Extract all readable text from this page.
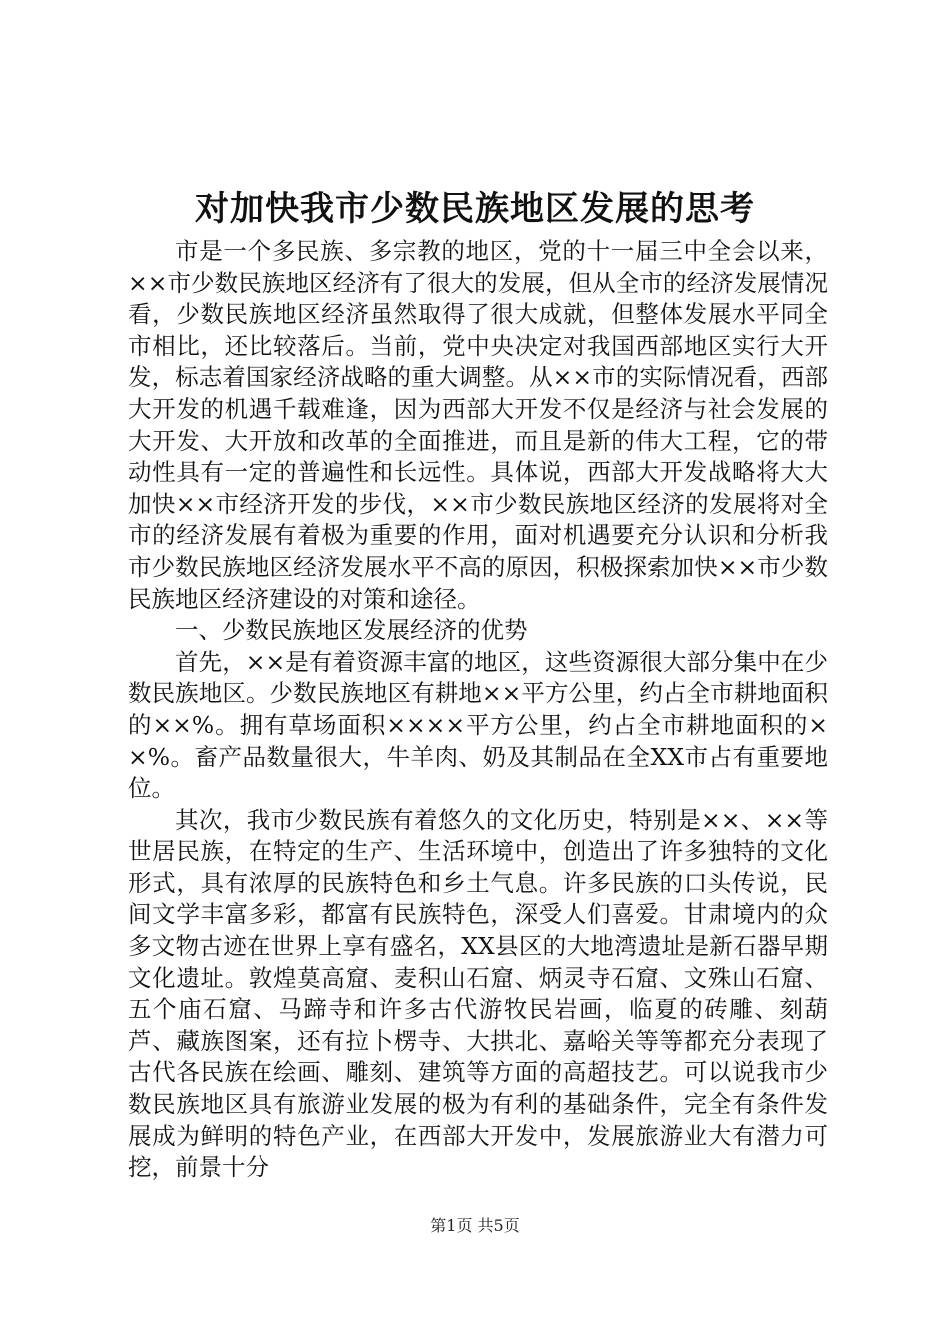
对加快我市少数民族地区发展的思考

市是一个多民族、多宗教的地区，党的十一届三中全会以来，××市少数民族地区经济有了很大的发展，但从全市的经济发展情况看，少数民族地区经济虽然取得了很大成就，但整体发展水平同全市相比，还比较落后。当前，党中央决定对我国西部地区实行大开发，标志着国家经济战略的重大调整。从××市的实际情况看，西部大开发的机遇千载难逢，因为西部大开发不仅是经济与社会发展的大开发、大开放和改革的全面推进，而且是新的伟大工程，它的带动性具有一定的普遍性和长远性。具体说，西部大开发战略将大大加快××市经济开发的步伐，××市少数民族地区经济的发展将对全市的经济发展有着极为重要的作用，面对机遇要充分认识和分析我市少数民族地区经济发展水平不高的原因，积极探索加快××市少数民族地区经济建设的对策和途径。

一、少数民族地区发展经济的优势

首先，××是有着资源丰富的地区，这些资源很大部分集中在少数民族地区。少数民族地区有耕地××平方公里，约占全市耕地面积的××%。拥有草场面积××××平方公里，约占全市耕地面积的××%。畜产品数量很大，牛羊肉、奶及其制品在全XX市占有重要地位。

其次，我市少数民族有着悠久的文化历史，特别是××、××等世居民族，在特定的生产、生活环境中，创造出了许多独特的文化形式，具有浓厚的民族特色和乡土气息。许多民族的口头传说，民间文学丰富多彩，都富有民族特色，深受人们喜爱。甘肃境内的众多文物古迹在世界上享有盛名，XX县区的大地湾遗址是新石器早期文化遗址。敦煌莫高窟、麦积山石窟、炳灵寺石窟、文殊山石窟、五个庙石窟、马蹄寺和许多古代游牧民岩画，临夏的砖雕、刻葫芦、藏族图案，还有拉卜楞寺、大拱北、嘉峪关等等都充分表现了古代各民族在绘画、雕刻、建筑等方面的高超技艺。可以说我市少数民族地区具有旅游业发展的极为有利的基础条件，完全有条件发展成为鲜明的特色产业，在西部大开发中，发展旅游业大有潜力可挖，前景十分

第1页 共5页
